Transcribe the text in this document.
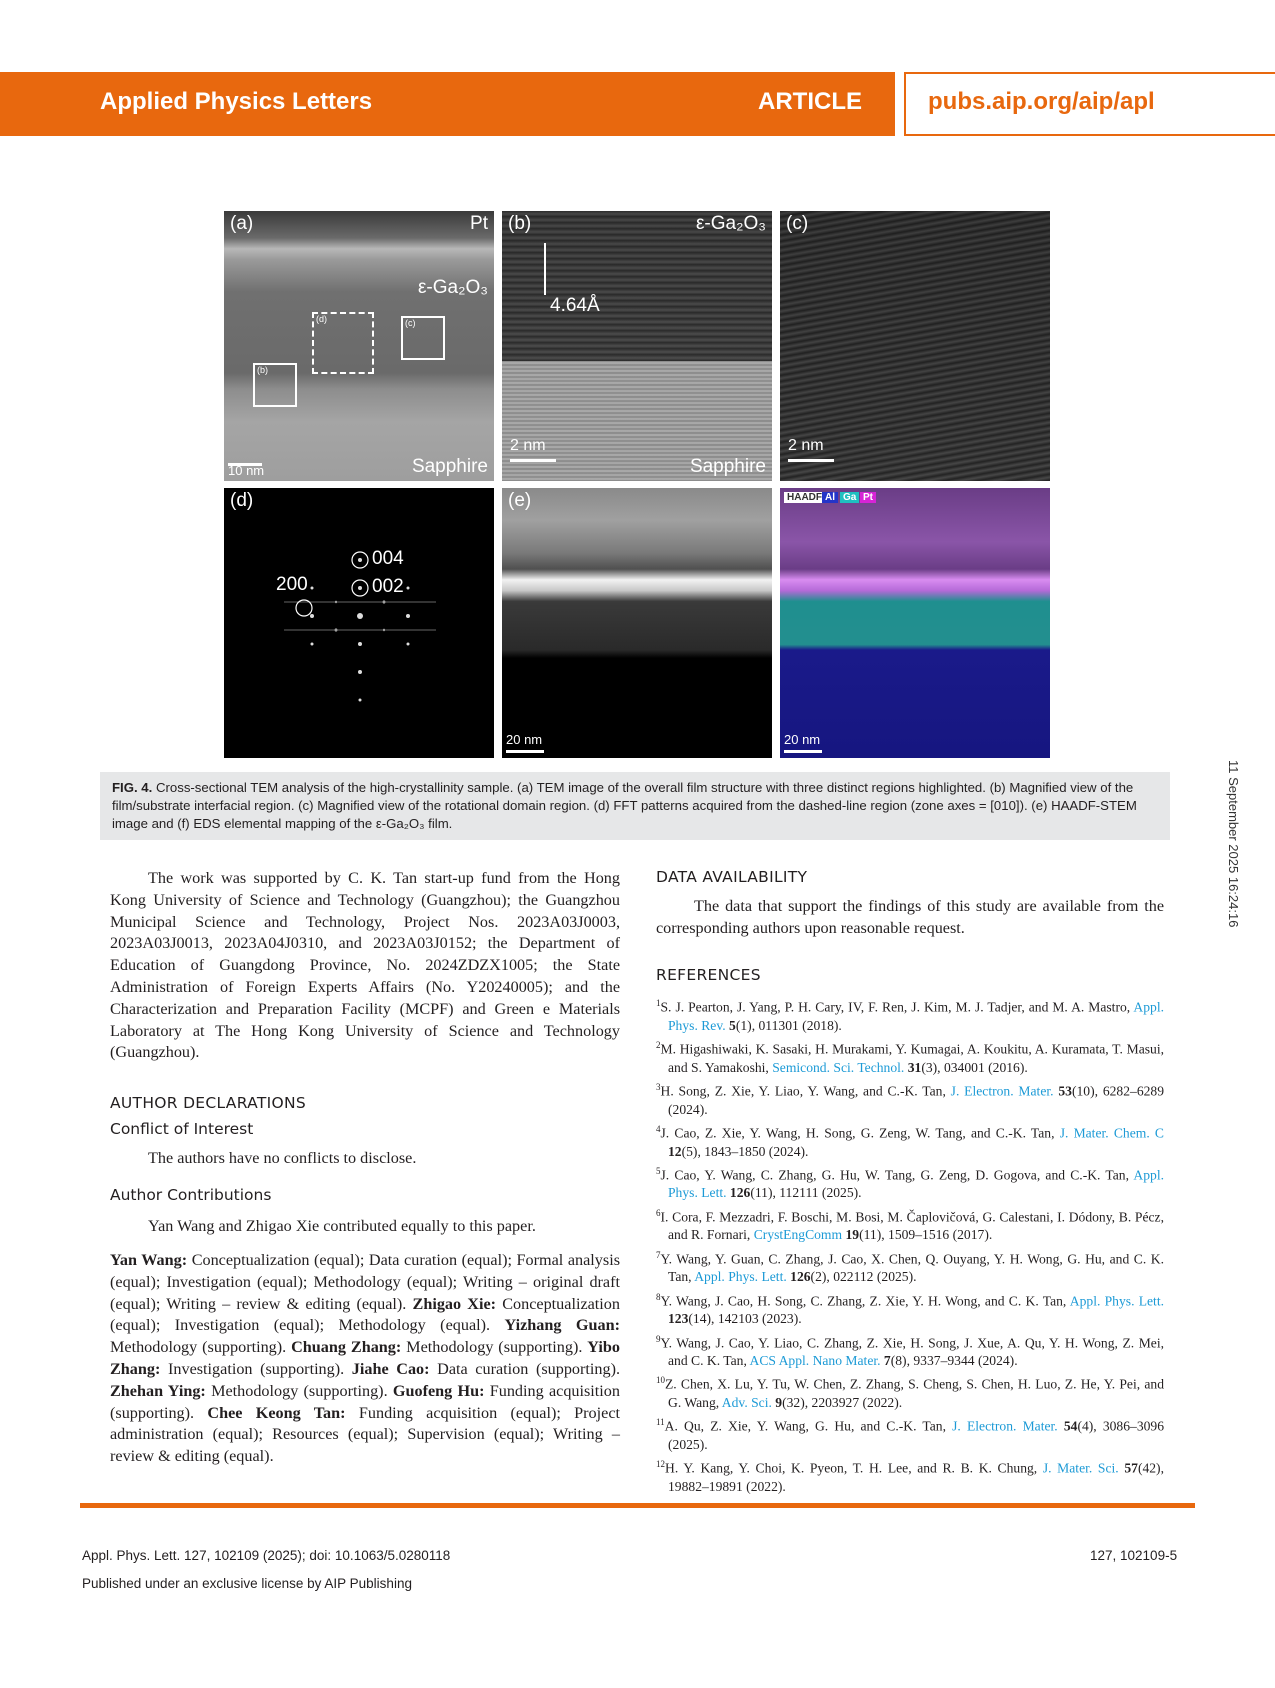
Applied Physics Letters	ARTICLE	pubs.aip.org/aip/apl
11 September 2025 16:24:16
(a)	Pt
ε-Ga₂O₃
(d)	(c)
(b)
Sapphire
10 nm
(b)	ε-Ga₂O₃
4.64Å
Sapphire
2 nm
(c)
2 nm
(d)
004
002
200
(e)
20 nm
HAADF Al Ga Pt
20 nm
FIG. 4. Cross-sectional TEM analysis of the high-crystallinity sample. (a) TEM image of the overall film structure with three distinct regions highlighted. (b) Magnified view of the film/substrate interfacial region. (c) Magnified view of the rotational domain region. (d) FFT patterns acquired from the dashed-line region (zone axes = [010]). (e) HAADF-STEM image and (f) EDS elemental mapping of the ε-Ga₂O₃ film.
The work was supported by C. K. Tan start-up fund from the Hong Kong University of Science and Technology (Guangzhou); the Guangzhou Municipal Science and Technology, Project Nos. 2023A03J0003, 2023A03J0013, 2023A04J0310, and 2023A03J0152; the Department of Education of Guangdong Province, No. 2024ZDZX1005; the State Administration of Foreign Experts Affairs (No. Y20240005); and the Characterization and Preparation Facility (MCPF) and Green e Materials Laboratory at The Hong Kong University of Science and Technology (Guangzhou).
AUTHOR DECLARATIONS
Conflict of Interest
The authors have no conflicts to disclose.
Author Contributions
Yan Wang and Zhigao Xie contributed equally to this paper.
Yan Wang: Conceptualization (equal); Data curation (equal); Formal analysis (equal); Investigation (equal); Methodology (equal); Writing – original draft (equal); Writing – review & editing (equal). Zhigao Xie: Conceptualization (equal); Investigation (equal); Methodology (equal). Yizhang Guan: Methodology (supporting). Chuang Zhang: Methodology (supporting). Yibo Zhang: Investigation (supporting). Jiahe Cao: Data curation (supporting). Zhehan Ying: Methodology (supporting). Guofeng Hu: Funding acquisition (supporting). Chee Keong Tan: Funding acquisition (equal); Project administration (equal); Resources (equal); Supervision (equal); Writing – review & editing (equal).
DATA AVAILABILITY
The data that support the findings of this study are available from the corresponding authors upon reasonable request.
REFERENCES
$^1$S. J. Pearton, J. Yang, P. H. Cary, IV, F. Ren, J. Kim, M. J. Tadjer, and M. A. Mastro, Appl. Phys. Rev. 5(1), 011301 (2018).
$^2$M. Higashiwaki, K. Sasaki, H. Murakami, Y. Kumagai, A. Koukitu, A. Kuramata, T. Masui, and S. Yamakoshi, Semicond. Sci. Technol. 31(3), 034001 (2016).
$^3$H. Song, Z. Xie, Y. Liao, Y. Wang, and C.-K. Tan, J. Electron. Mater. 53(10), 6282–6289 (2024).
$^4$J. Cao, Z. Xie, Y. Wang, H. Song, G. Zeng, W. Tang, and C.-K. Tan, J. Mater. Chem. C 12(5), 1843–1850 (2024).
$^5$J. Cao, Y. Wang, C. Zhang, G. Hu, W. Tang, G. Zeng, D. Gogova, and C.-K. Tan, Appl. Phys. Lett. 126(11), 112111 (2025).
$^6$I. Cora, F. Mezzadri, F. Boschi, M. Bosi, M. Čaplovičová, G. Calestani, I. Dódony, B. Pécz, and R. Fornari, CrystEngComm 19(11), 1509–1516 (2017).
$^7$Y. Wang, Y. Guan, C. Zhang, J. Cao, X. Chen, Q. Ouyang, Y. H. Wong, G. Hu, and C. K. Tan, Appl. Phys. Lett. 126(2), 022112 (2025).
$^8$Y. Wang, J. Cao, H. Song, C. Zhang, Z. Xie, Y. H. Wong, and C. K. Tan, Appl. Phys. Lett. 123(14), 142103 (2023).
$^9$Y. Wang, J. Cao, Y. Liao, C. Zhang, Z. Xie, H. Song, J. Xue, A. Qu, Y. H. Wong, Z. Mei, and C. K. Tan, ACS Appl. Nano Mater. 7(8), 9337–9344 (2024).
$^{10}$Z. Chen, X. Lu, Y. Tu, W. Chen, Z. Zhang, S. Cheng, S. Chen, H. Luo, Z. He, Y. Pei, and G. Wang, Adv. Sci. 9(32), 2203927 (2022).
$^{11}$A. Qu, Z. Xie, Y. Wang, G. Hu, and C.-K. Tan, J. Electron. Mater. 54(4), 3086–3096 (2025).
$^{12}$H. Y. Kang, Y. Choi, K. Pyeon, T. H. Lee, and R. B. K. Chung, J. Mater. Sci. 57(42), 19882–19891 (2022).
Appl. Phys. Lett. 127, 102109 (2025); doi: 10.1063/5.0280118	127, 102109-5
Published under an exclusive license by AIP Publishing
